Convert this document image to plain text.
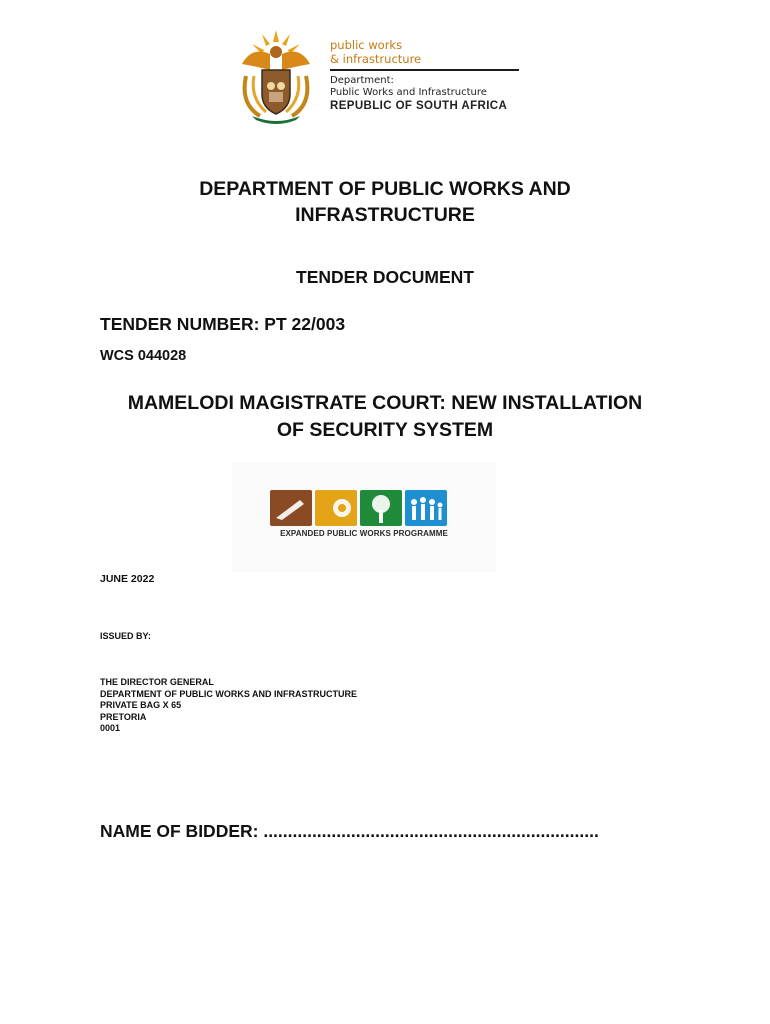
public works
& infrastructure
Department:
Public Works and Infrastructure
REPUBLIC OF SOUTH AFRICA
DEPARTMENT OF PUBLIC WORKS AND
INFRASTRUCTURE
TENDER DOCUMENT
TENDER NUMBER: PT 22/003
WCS 044028
MAMELODI MAGISTRATE COURT: NEW INSTALLATION
OF SECURITY SYSTEM
EXPANDED PUBLIC WORKS PROGRAMME
JUNE 2022
ISSUED BY:
THE DIRECTOR GENERAL
DEPARTMENT OF PUBLIC WORKS AND INFRASTRUCTURE
PRIVATE BAG X 65
PRETORIA
0001
NAME OF BIDDER: .....................................................................
